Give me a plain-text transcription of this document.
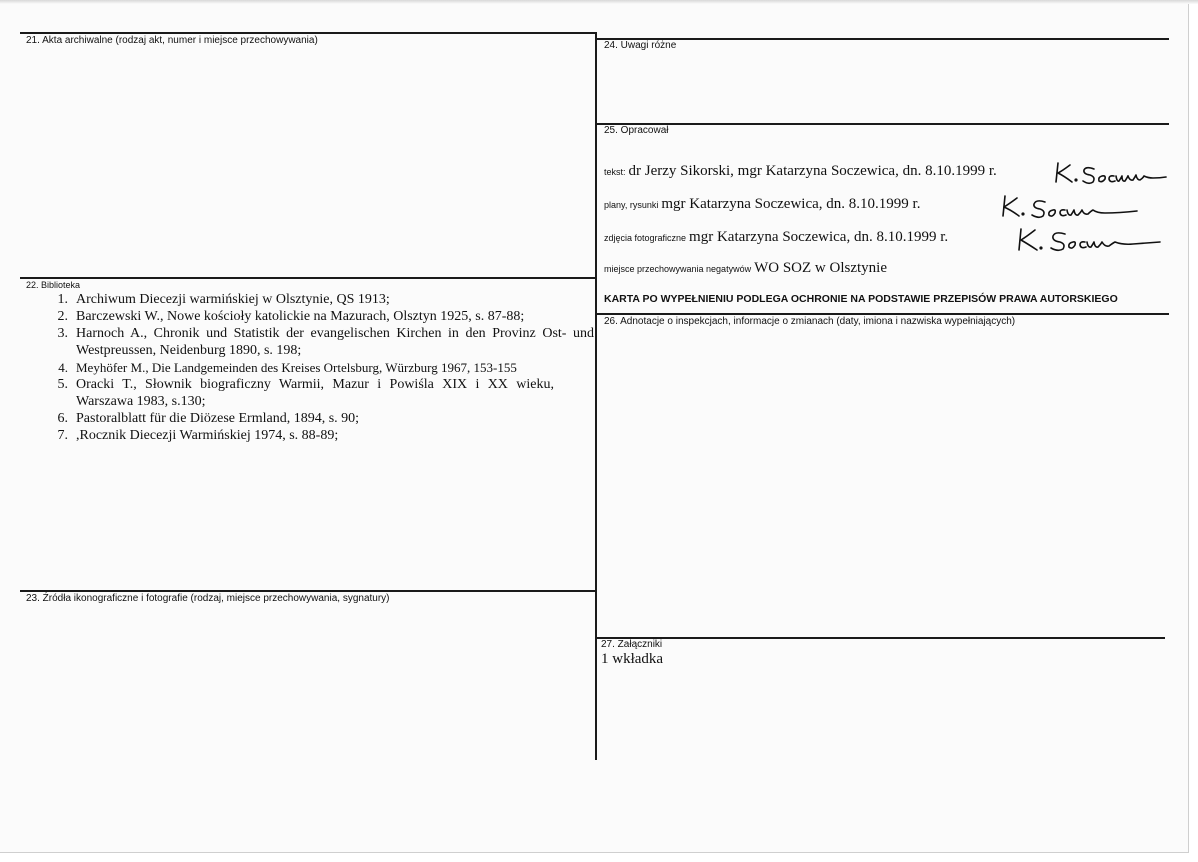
21. Akta archiwalne (rodzaj akt, numer i miejsce przechowywania)
22. Biblioteka
23. Źródła ikonograficzne i fotografie (rodzaj, miejsce przechowywania, sygnatury)
24. Uwagi różne
25. Opracował
26. Adnotacje o inspekcjach, informacje o zmianach (daty, imiona i nazwiska wypełniających)
27. Załączniki
1. Archiwum Diecezji warmińskiej w Olsztynie, QS 1913;
2. Barczewski W., Nowe kościoły katolickie na Mazurach, Olsztyn 1925, s. 87-88;
3. Harnoch A., Chronik und Statistik der evangelischen Kirchen in den Provinz Ost- und Westpreussen, Neidenburg 1890, s. 198;
4. Meyhöfer M., Die Landgemeinden des Kreises Ortelsburg, Würzburg 1967, 153-155
5. Oracki T., Słownik biograficzny Warmii, Mazur i Powiśla XIX i XX wieku, Warszawa 1983, s.130;
6. Pastoralblatt für die Diözese Ermland, 1894, s. 90;
7. ,Rocznik Diecezji Warmińskiej 1974, s. 88-89;
tekst: dr Jerzy Sikorski, mgr Katarzyna Soczewica, dn. 8.10.1999 r.
plany, rysunki mgr Katarzyna Soczewica, dn. 8.10.1999 r.
zdjęcia fotograficzne mgr Katarzyna Soczewica, dn. 8.10.1999 r.
miejsce przechowywania negatywów WO SOZ w Olsztynie
KARTA PO WYPEŁNIENIU PODLEGA OCHRONIE NA PODSTAWIE PRZEPISÓW PRAWA AUTORSKIEGO
1 wkładka
